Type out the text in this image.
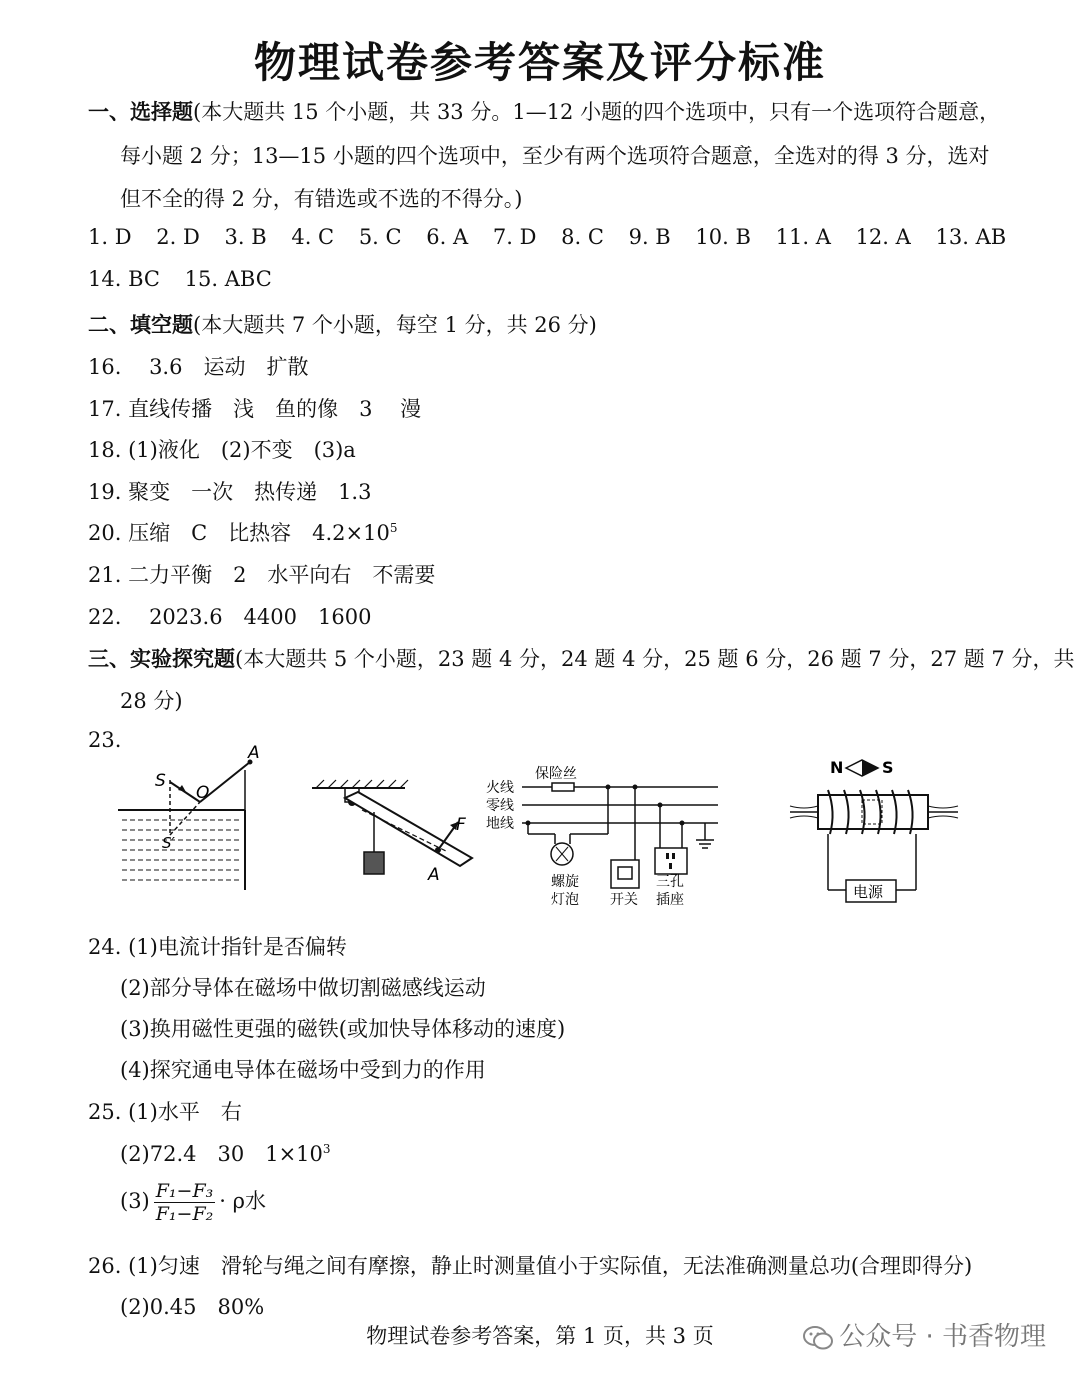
物理试卷参考答案及评分标准
一、选择题(本大题共 15 个小题，共 33 分。1—12 小题的四个选项中，只有一个选项符合题意，
每小题 2 分；13—15 小题的四个选项中，至少有两个选项符合题意，全选对的得 3 分，选对
但不全的得 2 分，有错选或不选的不得分。)
1. D 2. D 3. B 4. C 5. C 6. A 7. D 8. C 9. B 10. B 11. A 12. A 13. AB
14. BC 15. ABC
二、填空题(本大题共 7 个小题，每空 1 分，共 26 分)
16.　 3.6　运动　扩散
17. 直线传播　浅　鱼的像　3　 漫
18. (1)液化　(2)不变　(3)a
19. 聚变　一次　热传递　1.3
20. 压缩　C　比热容　$4.2\times 10^5$
21. 二力平衡　2　水平向右　不需要
22.　 2023.6　4400　1600
三、实验探究题(本大题共 5 个小题，23 题 4 分，24 题 4 分，25 题 6 分，26 题 7 分，27 题 7 分，共
28 分)
23.
S
O
A
S′
F
A
火线
零线
地线
保险丝
螺旋
灯泡 开关
三孔
插座
N S
电源
24. (1)电流计指针是否偏转
(2)部分导体在磁场中做切割磁感线运动
(3)换用磁性更强的磁铁(或加快导体移动的速度)
(4)探究通电导体在磁场中受到力的作用
25. (1)水平　右
(2)72.4　30　$1\times 10^3$
$(3) \frac{\text{F₁−F₃}}{\text{F₁−F₂}} \cdot \rho$水
26. (1)匀速　滑轮与绳之间有摩擦，静止时测量值小于实际值，无法准确测量总功(合理即得分)
(2)0.45　80%
物理试卷参考答案，第 1 页，共 3 页	公众号 · 书香物理
